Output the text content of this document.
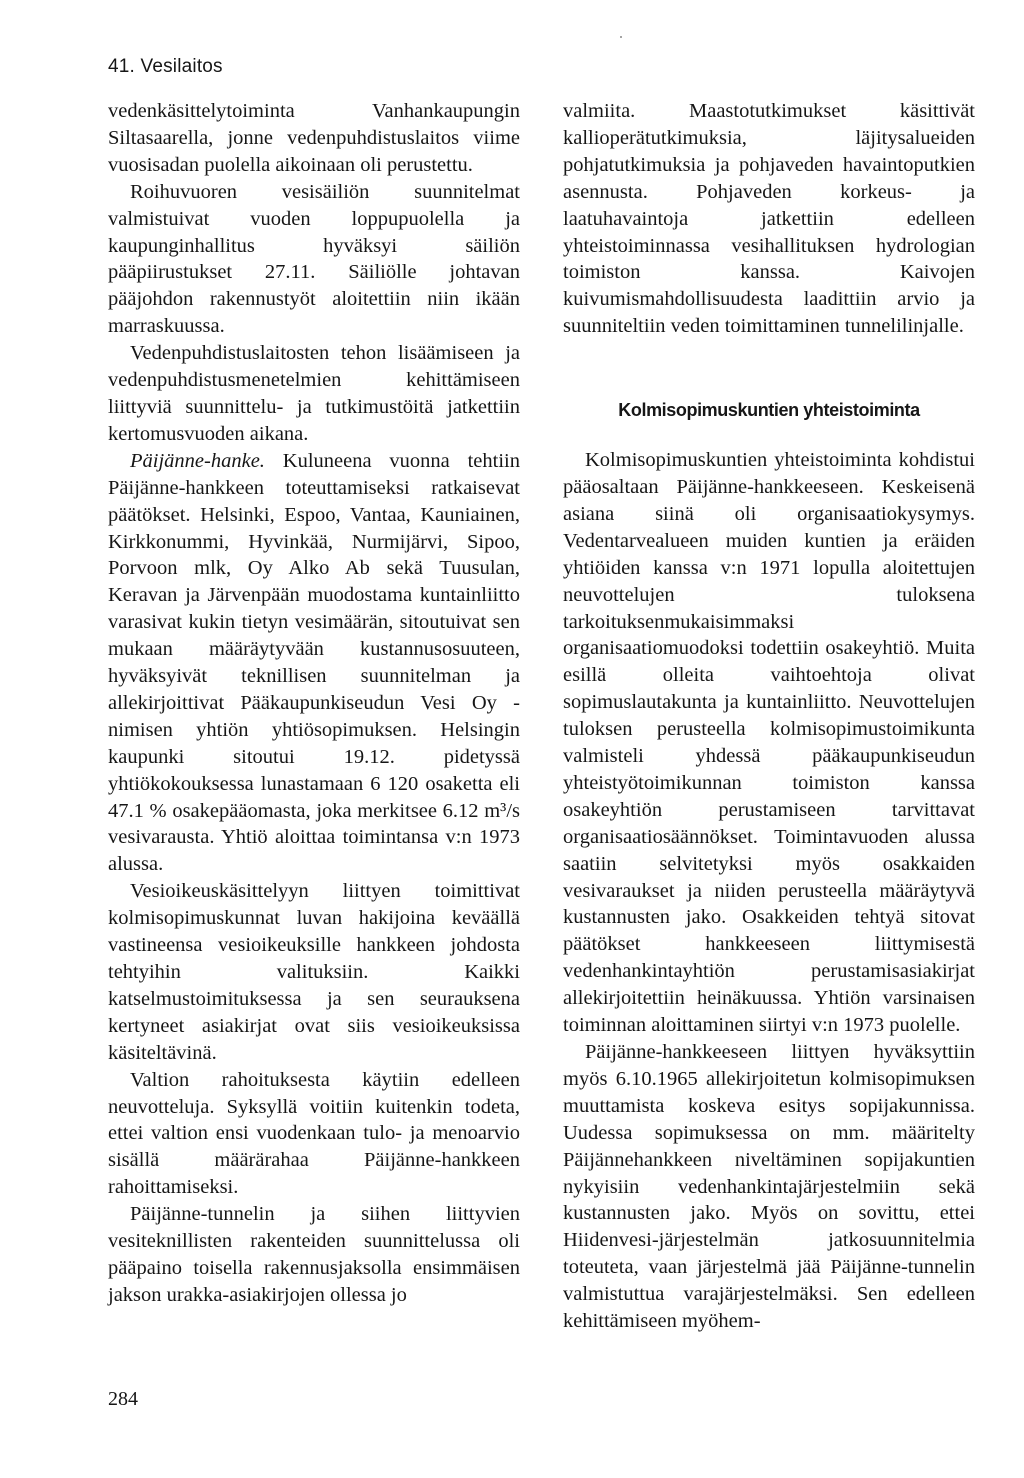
41. Vesilaitos

vedenkäsittelytoiminta Vanhankaupungin Siltasaarella, jonne vedenpuhdistuslaitos viime vuosisadan puolella aikoinaan oli perustettu.

Roihuvuoren vesisäiliön suunnitelmat valmistuivat vuoden loppupuolella ja kaupunginhallitus hyväksyi säiliön pääpiirustukset 27.11. Säiliölle johtavan pääjohdon rakennustyöt aloitettiin niin ikään marraskuussa.

Vedenpuhdistuslaitosten tehon lisäämiseen ja vedenpuhdistusmenetelmien kehittämiseen liittyviä suunnittelu- ja tutkimustöitä jatkettiin kertomusvuoden aikana.

Päijänne-hanke. Kuluneena vuonna tehtiin Päijänne-hankkeen toteuttamiseksi ratkaisevat päätökset. Helsinki, Espoo, Vantaa, Kauniainen, Kirkkonummi, Hyvinkää, Nurmijärvi, Sipoo, Porvoon mlk, Oy Alko Ab sekä Tuusulan, Keravan ja Järvenpään muodostama kuntainliitto varasivat kukin tietyn vesimäärän, sitoutuivat sen mukaan määräytyvään kustannusosuuteen, hyväksyivät teknillisen suunnitelman ja allekirjoittivat Pääkaupunkiseudun Vesi Oy -nimisen yhtiön yhtiösopimuksen. Helsingin kaupunki sitoutui 19.12. pidetyssä yhtiökokouksessa lunastamaan 6 120 osaketta eli 47.1 % osakepääomasta, joka merkitsee 6.12 m³/s vesivarausta. Yhtiö aloittaa toimintansa v:n 1973 alussa.

Vesioikeuskäsittelyyn liittyen toimittivat kolmisopimuskunnat luvan hakijoina keväällä vastineensa vesioikeuksille hankkeen johdosta tehtyihin valituksiin. Kaikki katselmustoimituksessa ja sen seurauksena kertyneet asiakirjat ovat siis vesioikeuksissa käsiteltävinä.

Valtion rahoituksesta käytiin edelleen neuvotteluja. Syksyllä voitiin kuitenkin todeta, ettei valtion ensi vuodenkaan tulo- ja menoarvio sisällä määrärahaa Päijänne-hankkeen rahoittamiseksi.

Päijänne-tunnelin ja siihen liittyvien vesiteknillisten rakenteiden suunnittelussa oli pääpaino toisella rakennusjaksolla ensimmäisen jakson urakka-asiakirjojen ollessa jo

valmiita. Maastotutkimukset käsittivät kallioperätutkimuksia, läjitysalueiden pohjatutkimuksia ja pohjaveden havaintoputkien asennusta. Pohjaveden korkeus- ja laatuhavaintoja jatkettiin edelleen yhteistoiminnassa vesihallituksen hydrologian toimiston kanssa. Kaivojen kuivumismahdollisuudesta laadittiin arvio ja suunniteltiin veden toimittaminen tunnelilinjalle.

Kolmisopimuskuntien yhteistoiminta

Kolmisopimuskuntien yhteistoiminta kohdistui pääosaltaan Päijänne-hankkeeseen. Keskeisenä asiana siinä oli organisaatiokysymys. Vedentarvealueen muiden kuntien ja eräiden yhtiöiden kanssa v:n 1971 lopulla aloitettujen neuvottelujen tuloksena tarkoituksenmukaisimmaksi organisaatiomuodoksi todettiin osakeyhtiö. Muita esillä olleita vaihtoehtoja olivat sopimuslautakunta ja kuntainliitto. Neuvottelujen tuloksen perusteella kolmisopimustoimikunta valmisteli yhdessä pääkaupunkiseudun yhteistyötoimikunnan toimiston kanssa osakeyhtiön perustamiseen tarvittavat organisaatiosäännökset. Toimintavuoden alussa saatiin selvitetyksi myös osakkaiden vesivaraukset ja niiden perusteella määräytyvä kustannusten jako. Osakkeiden tehtyä sitovat päätökset hankkeeseen liittymisestä vedenhankintayhtiön perustamisasiakirjat allekirjoitettiin heinäkuussa. Yhtiön varsinaisen toiminnan aloittaminen siirtyi v:n 1973 puolelle.

Päijänne-hankkeeseen liittyen hyväksyttiin myös 6.10.1965 allekirjoitetun kolmisopimuksen muuttamista koskeva esitys sopijakunnissa. Uudessa sopimuksessa on mm. määritelty Päijännehankkeen niveltäminen sopijakuntien nykyisiin vedenhankintajärjestelmiin sekä kustannusten jako. Myös on sovittu, ettei Hiidenvesi-järjestelmän jatkosuunnitelmia toteuteta, vaan järjestelmä jää Päijänne-tunnelin valmistuttua varajärjestelmäksi. Sen edelleen kehittämiseen myöhem-

284
